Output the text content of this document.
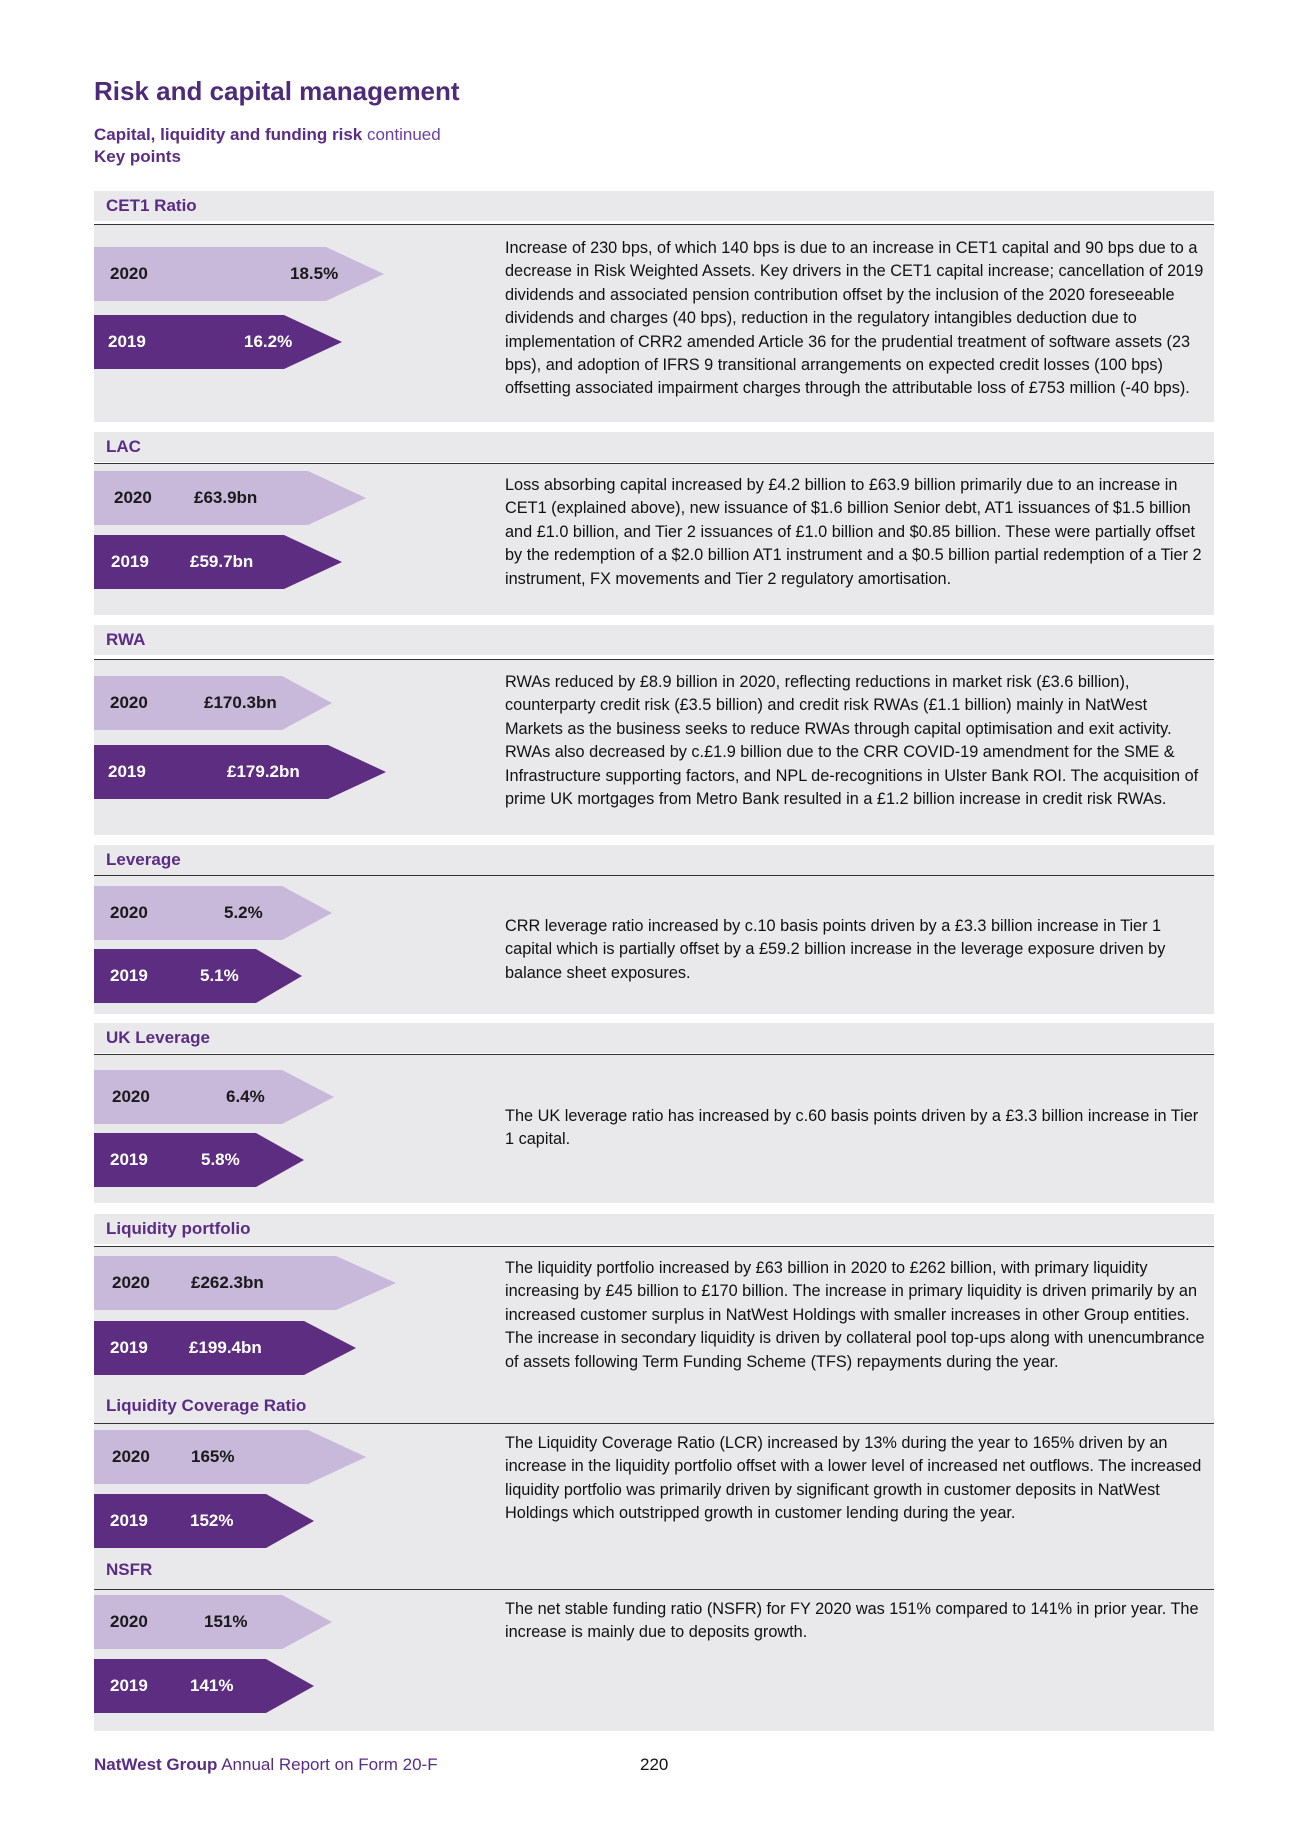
Risk and capital management
Capital, liquidity and funding risk continued
Key points
CET1 Ratio
2020	18.5%
2019	16.2%
Increase of 230 bps, of which 140 bps is due to an increase in CET1 capital and 90 bps due to a decrease in Risk Weighted Assets. Key drivers in the CET1 capital increase; cancellation of 2019 dividends and associated pension contribution offset by the inclusion of the 2020 foreseeable dividends and charges (40 bps), reduction in the regulatory intangibles deduction due to implementation of CRR2 amended Article 36 for the prudential treatment of software assets (23 bps), and adoption of IFRS 9 transitional arrangements on expected credit losses (100 bps) offsetting associated impairment charges through the attributable loss of £753 million (-40 bps).
LAC
2020 £63.9bn
2019 £59.7bn
Loss absorbing capital increased by £4.2 billion to £63.9 billion primarily due to an increase in CET1 (explained above), new issuance of $1.6 billion Senior debt, AT1 issuances of $1.5 billion and £1.0 billion, and Tier 2 issuances of £1.0 billion and $0.85 billion. These were partially offset by the redemption of a $2.0 billion AT1 instrument and a $0.5 billion partial redemption of a Tier 2 instrument, FX movements and Tier 2 regulatory amortisation.
RWA
2020	£170.3bn
2019	£179.2bn
RWAs reduced by £8.9 billion in 2020, reflecting reductions in market risk (£3.6 billion), counterparty credit risk (£3.5 billion) and credit risk RWAs (£1.1 billion) mainly in NatWest Markets as the business seeks to reduce RWAs through capital optimisation and exit activity. RWAs also decreased by c.£1.9 billion due to the CRR COVID-19 amendment for the SME & Infrastructure supporting factors, and NPL de-recognitions in Ulster Bank ROI. The acquisition of prime UK mortgages from Metro Bank resulted in a £1.2 billion increase in credit risk RWAs.
Leverage
2020	5.2%
2019	5.1%
CRR leverage ratio increased by c.10 basis points driven by a £3.3 billion increase in Tier 1 capital which is partially offset by a £59.2 billion increase in the leverage exposure driven by balance sheet exposures.
UK Leverage
2020	6.4%
2019	5.8%
The UK leverage ratio has increased by c.60 basis points driven by a £3.3 billion increase in Tier 1 capital.
Liquidity portfolio
2020 £262.3bn
2019 £199.4bn
The liquidity portfolio increased by £63 billion in 2020 to £262 billion, with primary liquidity increasing by £45 billion to £170 billion. The increase in primary liquidity is driven primarily by an increased customer surplus in NatWest Holdings with smaller increases in other Group entities. The increase in secondary liquidity is driven by collateral pool top-ups along with unencumbrance of assets following Term Funding Scheme (TFS) repayments during the year.
Liquidity Coverage Ratio
2020 165%
2019 152%
The Liquidity Coverage Ratio (LCR) increased by 13% during the year to 165% driven by an increase in the liquidity portfolio offset with a lower level of increased net outflows. The increased liquidity portfolio was primarily driven by significant growth in customer deposits in NatWest Holdings which outstripped growth in customer lending during the year.
NSFR
2020	151%
2019 141%
The net stable funding ratio (NSFR) for FY 2020 was 151% compared to 141% in prior year. The increase is mainly due to deposits growth.
NatWest Group Annual Report on Form 20-F	220
